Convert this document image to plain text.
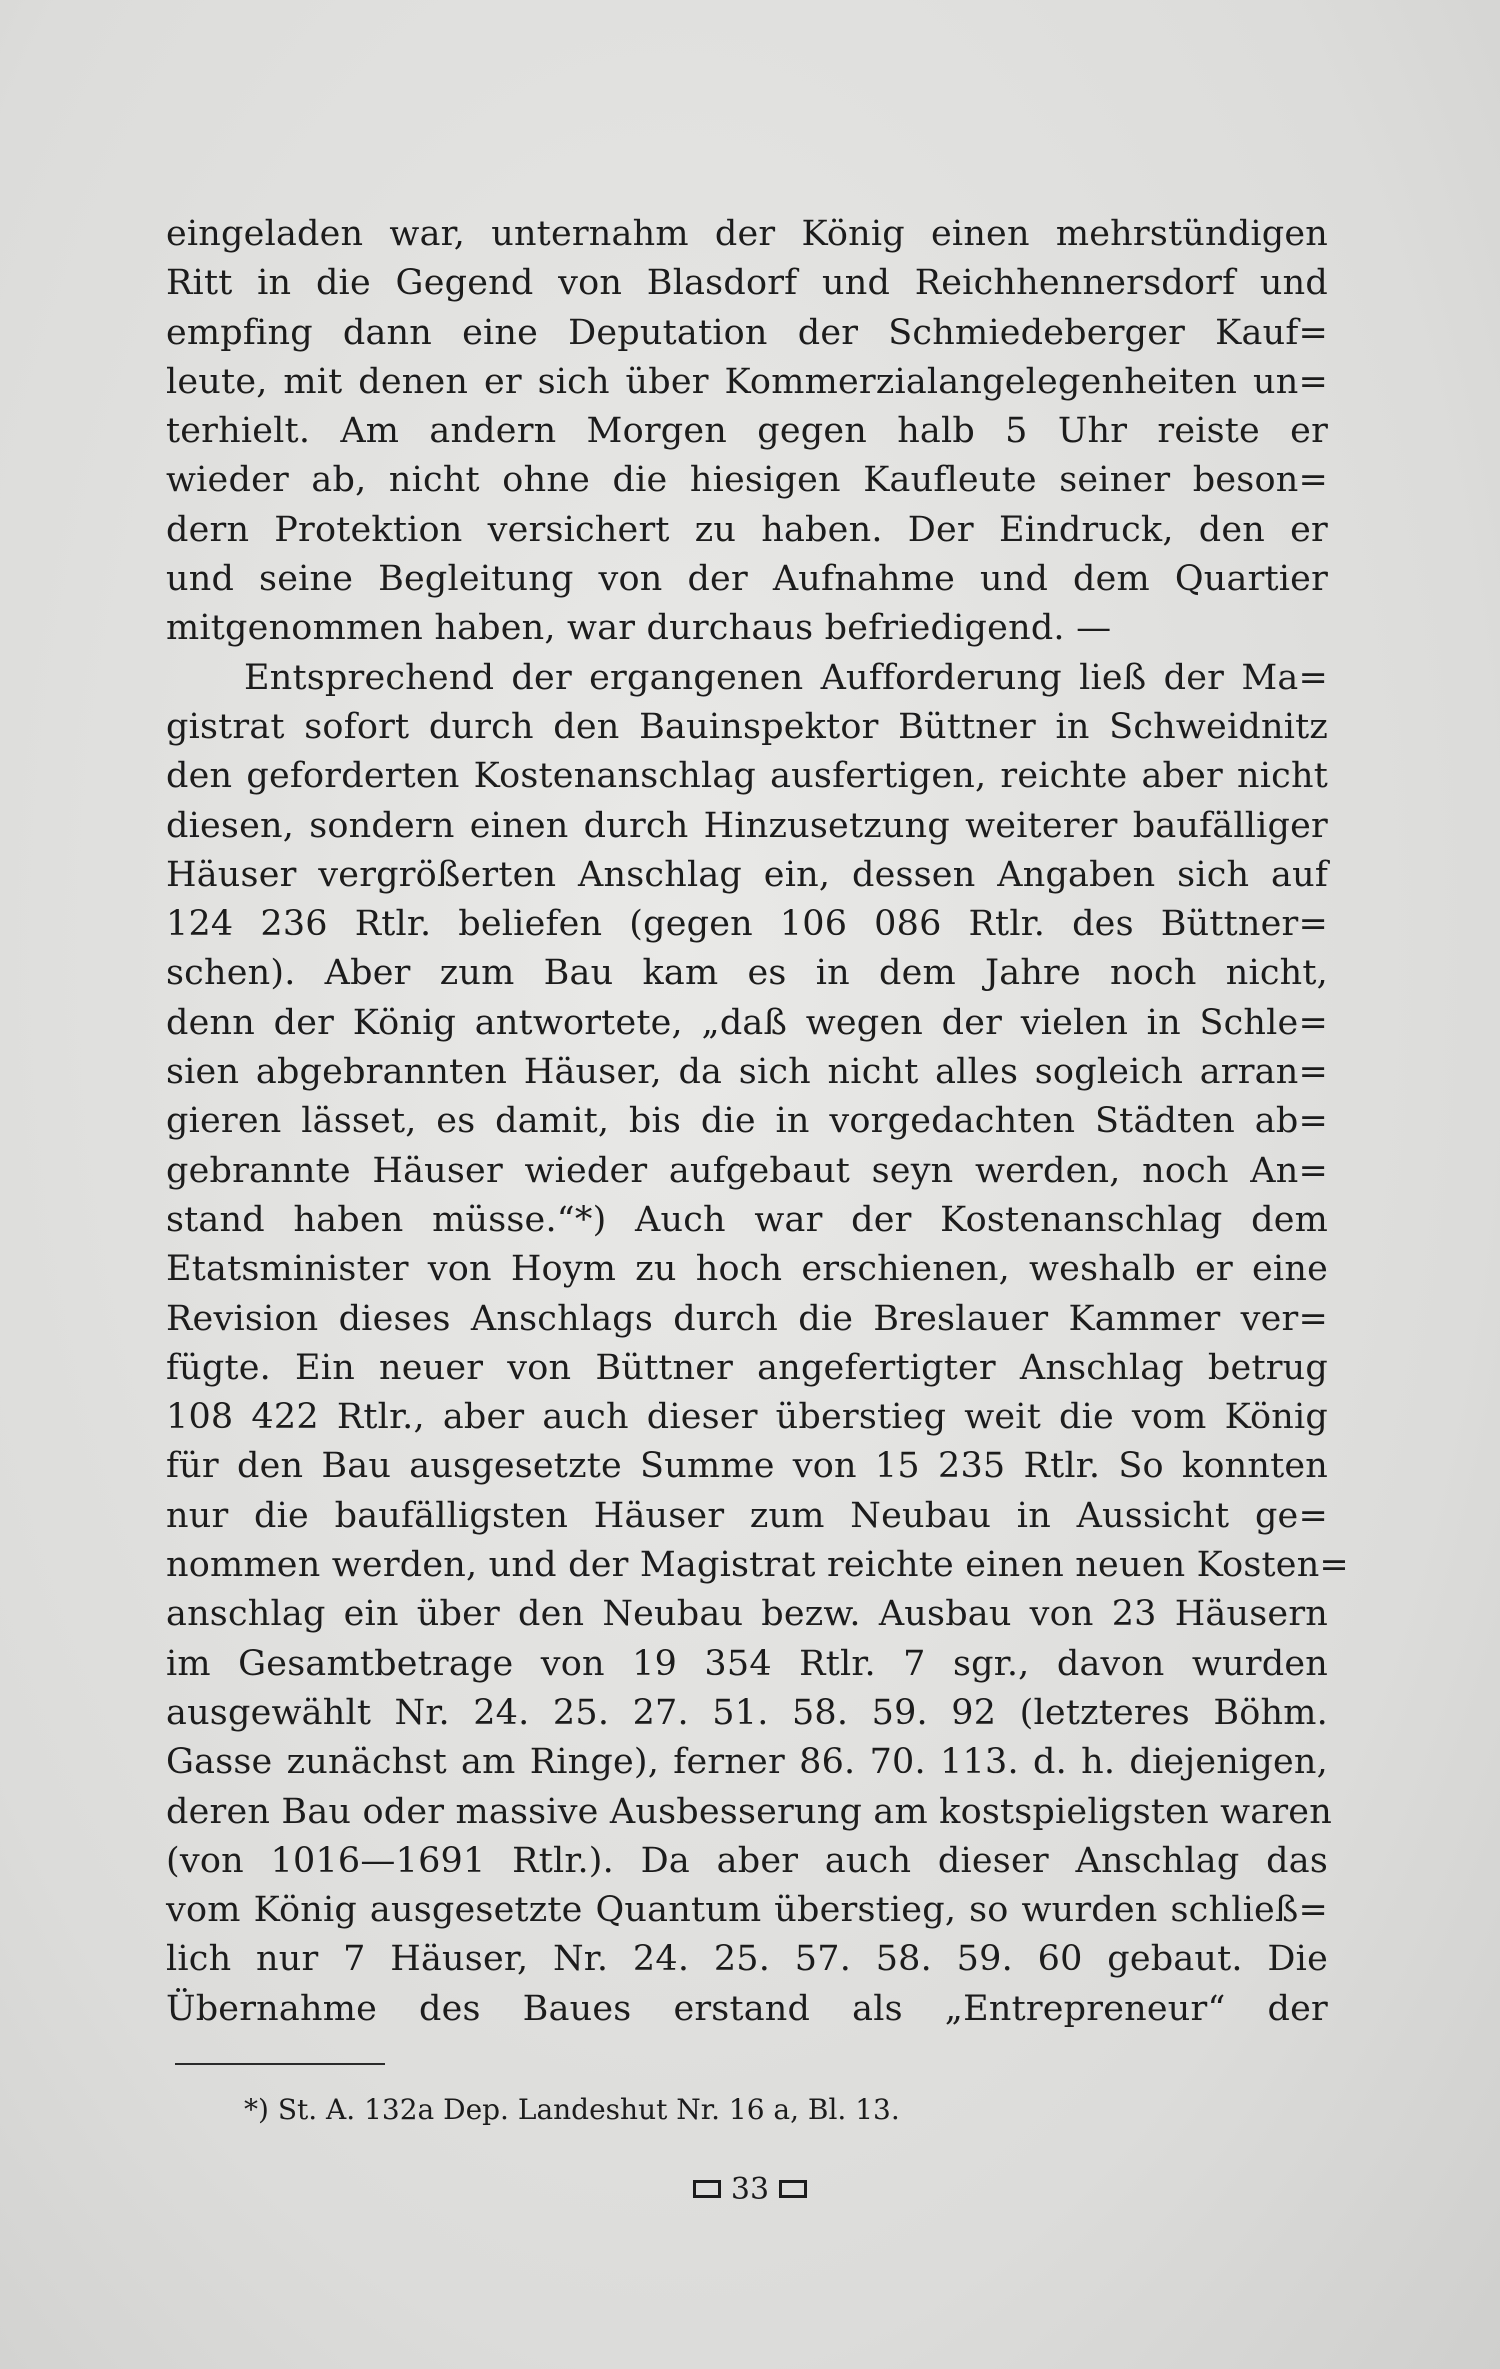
eingeladen war, unternahm der König einen mehrstündigen
Ritt in die Gegend von Blasdorf und Reichhennersdorf und
empfing dann eine Deputation der Schmiedeberger Kauf=
leute, mit denen er sich über Kommerzialangelegenheiten un=
terhielt. Am andern Morgen gegen halb 5 Uhr reiste er
wieder ab, nicht ohne die hiesigen Kaufleute seiner beson=
dern Protektion versichert zu haben. Der Eindruck, den er
und seine Begleitung von der Aufnahme und dem Quartier
mitgenommen haben, war durchaus befriedigend. —
Entsprechend der ergangenen Aufforderung ließ der Ma=
gistrat sofort durch den Bauinspektor Büttner in Schweidnitz
den geforderten Kostenanschlag ausfertigen, reichte aber nicht
diesen, sondern einen durch Hinzusetzung weiterer baufälliger
Häuser vergrößerten Anschlag ein, dessen Angaben sich auf
124 236 Rtlr. beliefen (gegen 106 086 Rtlr. des Büttner=
schen). Aber zum Bau kam es in dem Jahre noch nicht,
denn der König antwortete, „daß wegen der vielen in Schle=
sien abgebrannten Häuser, da sich nicht alles sogleich arran=
gieren lässet, es damit, bis die in vorgedachten Städten ab=
gebrannte Häuser wieder aufgebaut seyn werden, noch An=
stand haben müsse.“*) Auch war der Kostenanschlag dem
Etatsminister von Hoym zu hoch erschienen, weshalb er eine
Revision dieses Anschlags durch die Breslauer Kammer ver=
fügte. Ein neuer von Büttner angefertigter Anschlag betrug
108 422 Rtlr., aber auch dieser überstieg weit die vom König
für den Bau ausgesetzte Summe von 15 235 Rtlr. So konnten
nur die baufälligsten Häuser zum Neubau in Aussicht ge=
nommen werden, und der Magistrat reichte einen neuen Kosten=
anschlag ein über den Neubau bezw. Ausbau von 23 Häusern
im Gesamtbetrage von 19 354 Rtlr. 7 sgr., davon wurden
ausgewählt Nr. 24. 25. 27. 51. 58. 59. 92 (letzteres Böhm.
Gasse zunächst am Ringe), ferner 86. 70. 113. d. h. diejenigen,
deren Bau oder massive Ausbesserung am kostspieligsten waren
(von 1016—1691 Rtlr.). Da aber auch dieser Anschlag das
vom König ausgesetzte Quantum überstieg, so wurden schließ=
lich nur 7 Häuser, Nr. 24. 25. 57. 58. 59. 60 gebaut. Die
Übernahme des Baues erstand als „Entrepreneur“ der
*) St. A. 132a Dep. Landeshut Nr. 16 a, Bl. 13.
33
